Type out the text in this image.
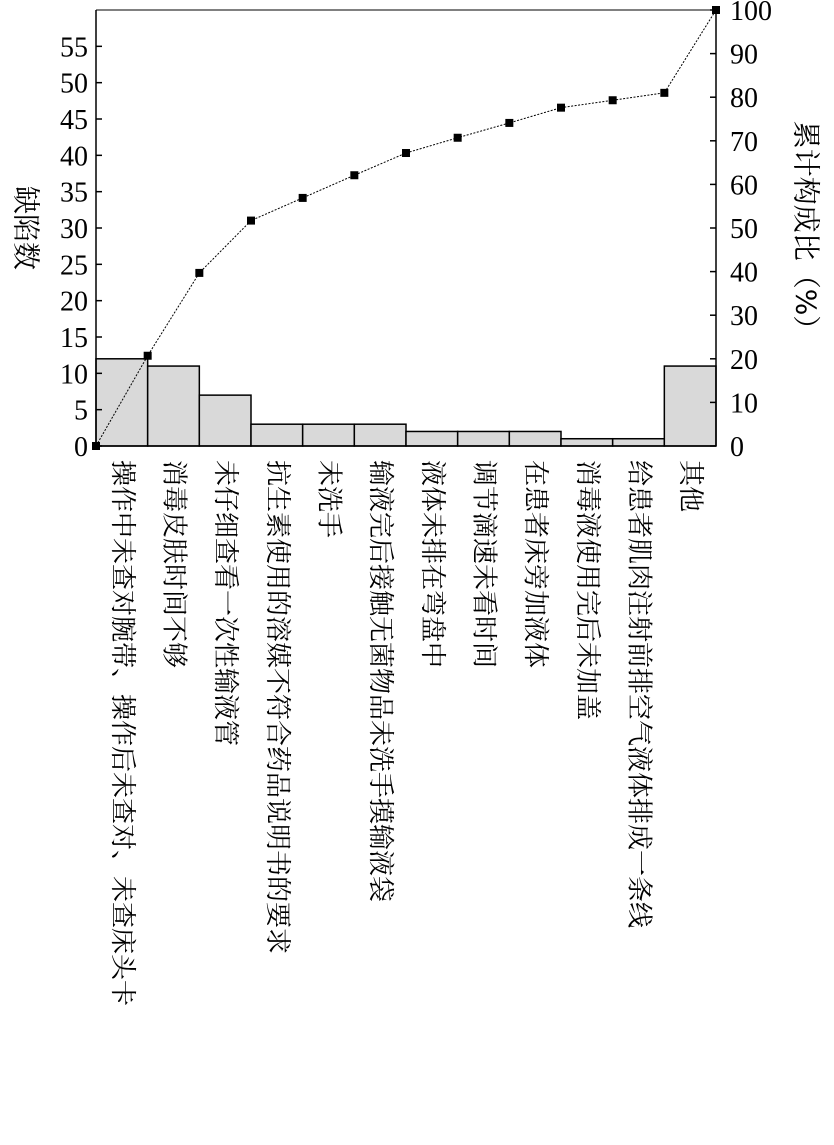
0
5
10
15
20
25
30
35
40
45
50
55
0
10
20
30
40
50
60
70
80
90
100
操作中未查对腕带、操作后未查对、未查床头卡 消毒皮肤时间不够 未仔细查看一次性输液管 抗生素使用的溶媒不符合药品说明书的要求 未洗手 输液完后接触无菌物品未洗手摸输液袋 液体未排在弯盘中 调节滴速未看时间 在患者床旁加液体 消毒液使用完后未加盖 给患者肌肉注射前排空气液体排成一条线 其他
缺陷数	累计构成比（%）
